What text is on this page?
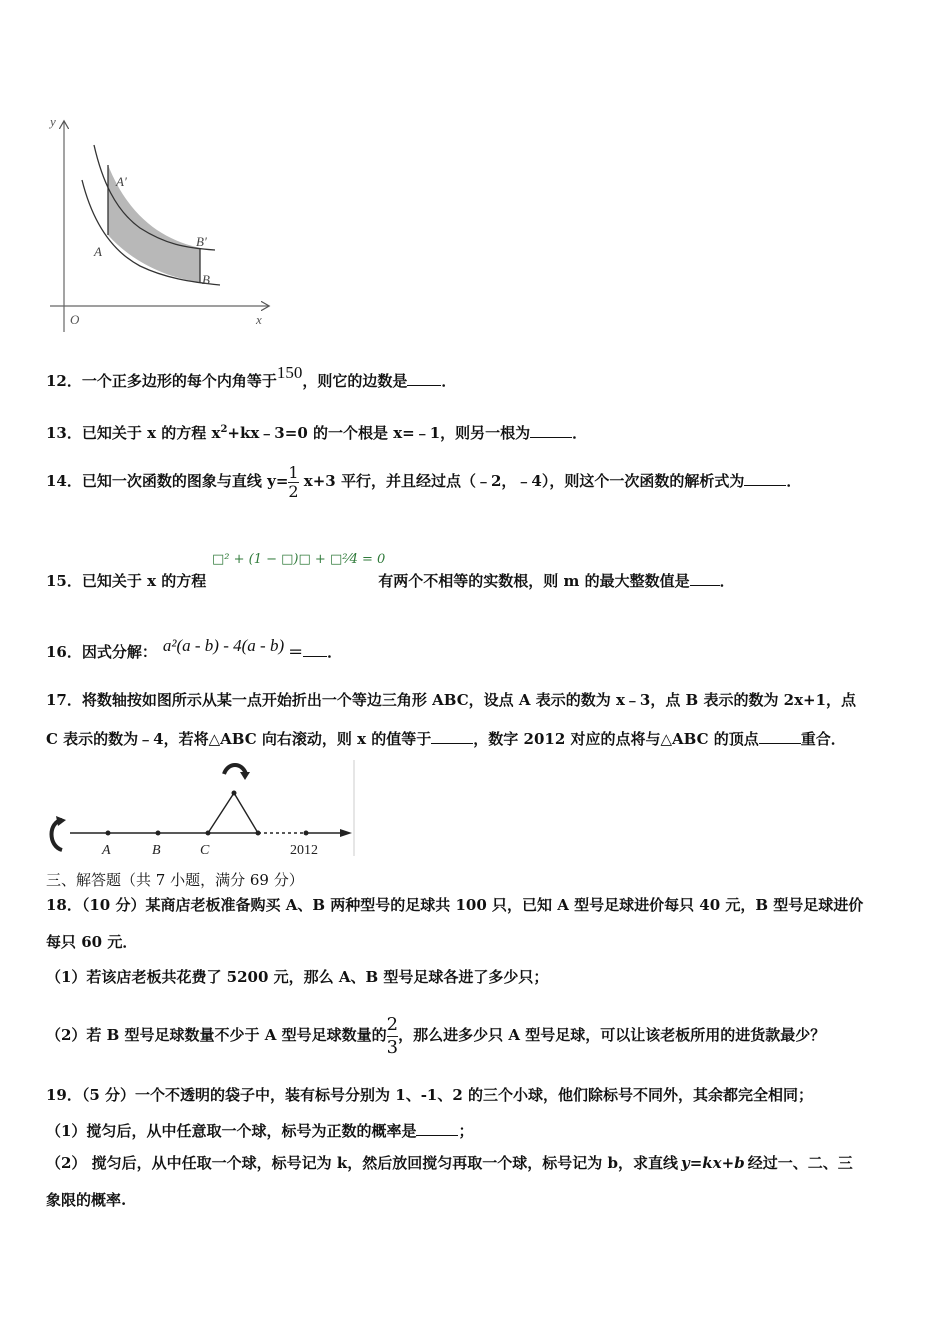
y
x
O
A′
A
B′
B
12．一个正多边形的每个内角等于150，则它的边数是 ．
13．已知关于 x 的方程 $x^2+kx﹣3=0$ 的一个根是 x=﹣1，则另一根为	．
14．已知一次函数的图象与直线 $y= \frac{1}{2} x+3$ 平行，并且经过点（﹣2，﹣4），则这个一次函数的解析式为	．
□² + (1 − □)□ + □²⁄4 = 0
15．已知关于 x 的方程	有两个不相等的实数根，则 m 的最大整数值是 ．
16．因式分解： a²(a - b) - 4(a - b) ＝ ．
17．将数轴按如图所示从某一点开始折出一个等边三角形 ABC，设点 A 表示的数为 x﹣3，点 B 表示的数为 2x+1，点
C 表示的数为﹣4，若将△ABC 向右滚动，则 x 的值等于	，数字 2012 对应的点将与△ABC 的顶点	重合．
A	B	C	2012
三、解答题（共 7 小题，满分 69 分）
18．（10 分）某商店老板准备购买 A、B 两种型号的足球共 100 只，已知 A 型号足球进价每只 40 元，B 型号足球进价
每只 60 元．
（1）若该店老板共花费了 5200 元，那么 A、B 型号足球各进了多少只；
（2）若 B 型号足球数量不少于 A 型号足球数量的 $\frac{2}{3}$ ，那么进多少只 A 型号足球，可以让该老板所用的进货款最少？
19．（5 分）一个不透明的袋子中，装有标号分别为 1、-1、2 的三个小球，他们除标号不同外，其余都完全相同；
（1）搅匀后，从中任意取一个球，标号为正数的概率是	；
（2） 搅匀后，从中任取一个球，标号记为 k，然后放回搅匀再取一个球，标号记为 b，求直线 y=kx+b 经过一、二、三
象限的概率.
